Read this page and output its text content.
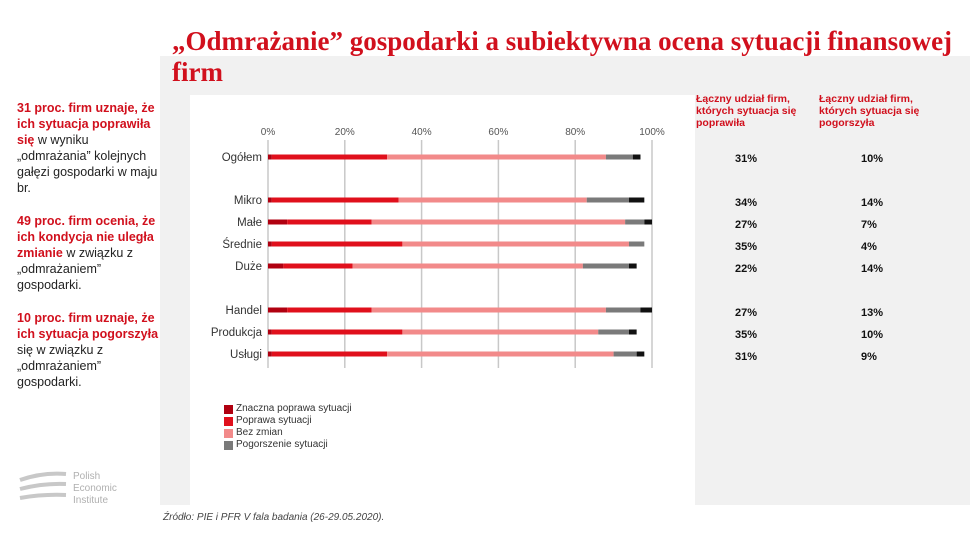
„Odmrażanie” gospodarki a subiektywna ocena sytuacji finansowej firm

31 proc. firm uznaje, że ich sytuacja poprawiła się w wyniku „odmrażania” kolejnych gałęzi gospodarki w maju br.

49 proc. firm ocenia, że ich kondycja nie uległa zmianie w związku z „odmrażaniem” gospodarki.

10 proc. firm uznaje, że ich sytuacja pogorszyła się w związku z „odmrażaniem” gospodarki.

0%	20%	40%	60%	80%	100%
Ogółem
Mikro
Małe
Średnie
Duże
Handel
Produkcja
Usługi
Znaczna poprawa sytuacji
Poprawa sytuacji
Bez zmian
Pogorszenie sytuacji
Łączny udział firm, których sytuacja się poprawiła
Łączny udział firm, których sytuacja się pogorszyła
31%	10%
34%	14%
27%	7%
35%	4%
22%	14%
27%	13%
35%	10%
31%	9%
Polish
Economic
Institute
Źródło: PIE i PFR V fala badania (26-29.05.2020).
